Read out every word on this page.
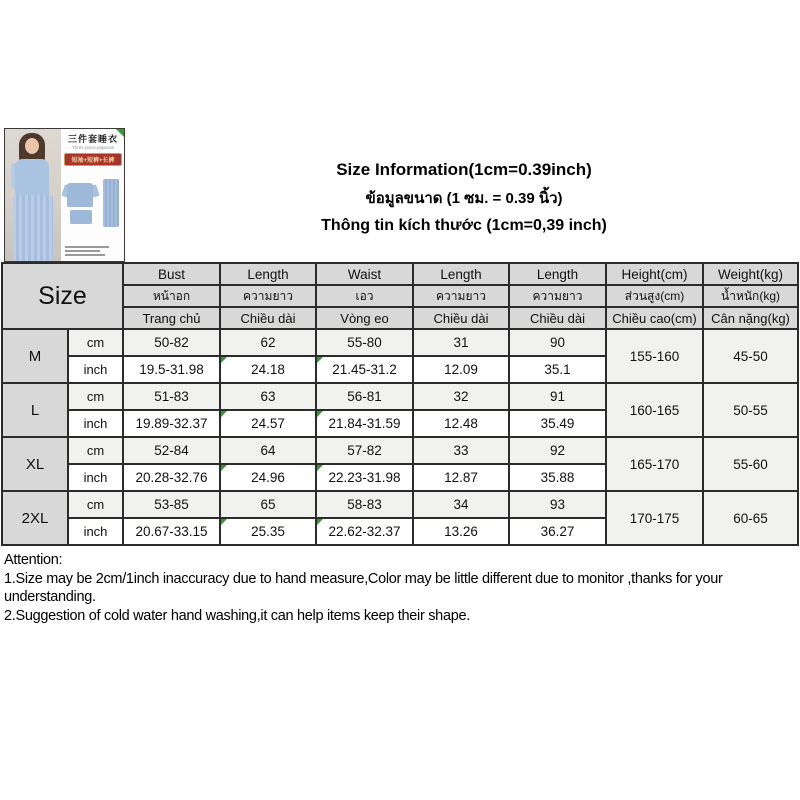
三件套睡衣
Three piece pajamas
短袖+短裤+长裤	Size Information(1cm=0.39inch)
ข้อมูลขนาด (1 ซม. = 0.39 นิ้ว)
Thông tin kích thước (1cm=0,39 inch)
Size		Bust	Length	Waist	Length	Length	Height(cm)	Weight(kg)
		หน้าอก	ความยาว	เอว	ความยาว	ความยาว	ส่วนสูง(cm)	น้ำหนัก(kg)
		Trang chủ	Chiều dài	Vòng eo	Chiều dài	Chiều dài	Chiều cao(cm)	Cân nặng(kg)
M	cm	50-82	62	55-80	31	90	155-160	45-50
	inch	19.5-31.98	24.18	21.45-31.2	12.09	35.1		
L	cm	51-83	63	56-81	32	91	160-165	50-55
	inch	19.89-32.37	24.57	21.84-31.59	12.48	35.49		
XL	cm	52-84	64	57-82	33	92	165-170	55-60
	inch	20.28-32.76	24.96	22.23-31.98	12.87	35.88		
2XL	cm	53-85	65	58-83	34	93	170-175	60-65
	inch	20.67-33.15	25.35	22.62-32.37	13.26	36.27		
Attention:
1.Size may be 2cm/1inch inaccuracy due to hand measure,Color may be little different due to monitor ,thanks for your understanding.
2.Suggestion of cold water hand washing,it can help items keep their shape.
